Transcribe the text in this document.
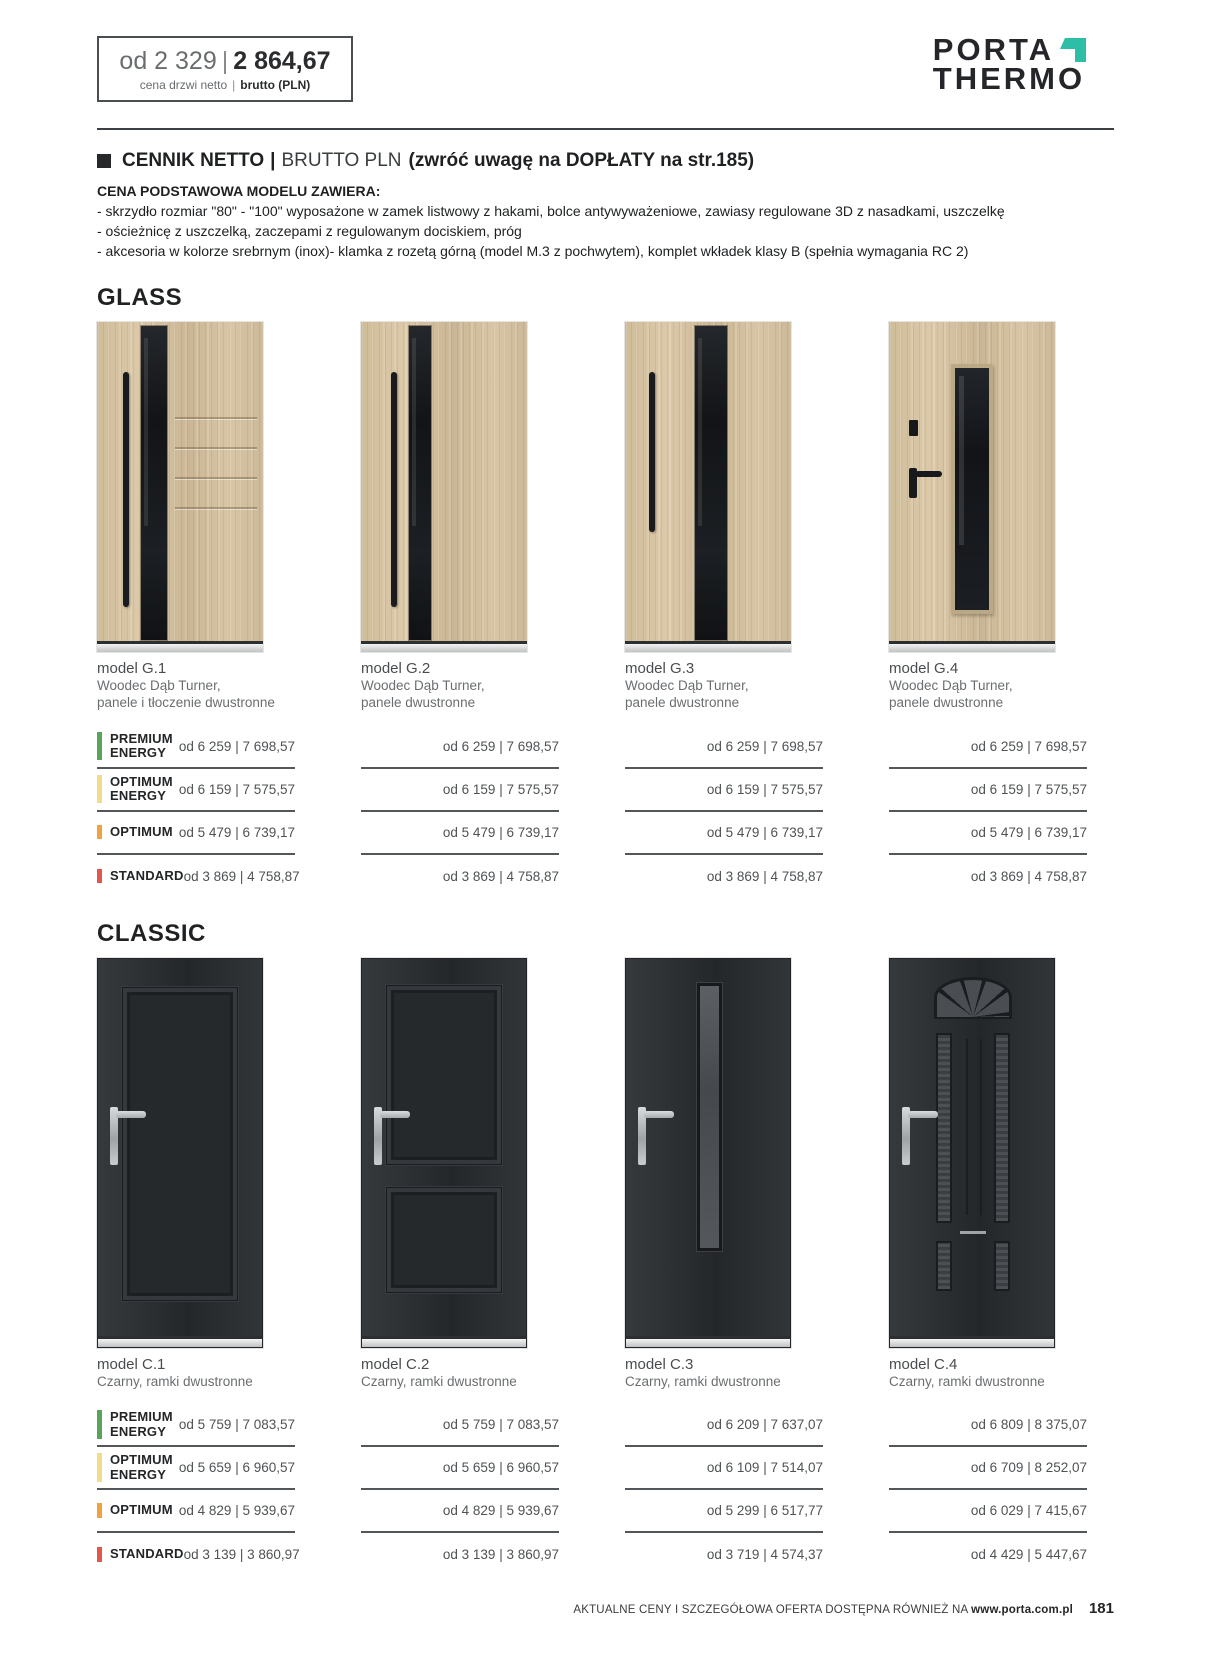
od 2 329 | 2 864,67
cena drzwi netto | brutto (PLN)
PORTA
THERMO
CENNIK NETTO | BRUTTO PLN (zwróć uwagę na DOPŁATY na str.185)
CENA PODSTAWOWA MODELU ZAWIERA:
- skrzydło rozmiar "80" - "100" wyposażone w zamek listwowy z hakami, bolce antywyważeniowe, zawiasy regulowane 3D z nasadkami, uszczelkę
- ościeżnicę z uszczelką, zaczepami z regulowanym dociskiem, próg
- akcesoria w kolorze srebrnym (inox)- klamka z rozetą górną (model M.3 z pochwytem), komplet wkładek klasy B (spełnia wymagania RC 2)
GLASS
model G.1
Woodec Dąb Turner,
panele i tłoczenie dwustronne
model G.2
Woodec Dąb Turner,
panele dwustronne
model G.3
Woodec Dąb Turner,
panele dwustronne
model G.4
Woodec Dąb Turner,
panele dwustronne
PREMIUM
ENERGY od 6 259 | 7 698,57	od 6 259 | 7 698,57	od 6 259 | 7 698,57	od 6 259 | 7 698,57
OPTIMUM
ENERGY od 6 159 | 7 575,57	od 6 159 | 7 575,57	od 6 159 | 7 575,57	od 6 159 | 7 575,57
OPTIMUM od 5 479 | 6 739,17	od 5 479 | 6 739,17	od 5 479 | 6 739,17	od 5 479 | 6 739,17
STANDARD od 3 869 | 4 758,87	od 3 869 | 4 758,87	od 3 869 | 4 758,87	od 3 869 | 4 758,87
CLASSIC
model C.1
Czarny, ramki dwustronne
model C.2
Czarny, ramki dwustronne
model C.3
Czarny, ramki dwustronne
model C.4
Czarny, ramki dwustronne
PREMIUM
ENERGY od 5 759 | 7 083,57	od 5 759 | 7 083,57	od 6 209 | 7 637,07	od 6 809 | 8 375,07
OPTIMUM
ENERGY od 5 659 | 6 960,57	od 5 659 | 6 960,57	od 6 109 | 7 514,07	od 6 709 | 8 252,07
OPTIMUM od 4 829 | 5 939,67	od 4 829 | 5 939,67	od 5 299 | 6 517,77	od 6 029 | 7 415,67
STANDARD od 3 139 | 3 860,97	od 3 139 | 3 860,97	od 3 719 | 4 574,37	od 4 429 | 5 447,67
AKTUALNE CENY I SZCZEGÓŁOWA OFERTA DOSTĘPNA RÓWNIEŻ NA www.porta.com.pl 181
